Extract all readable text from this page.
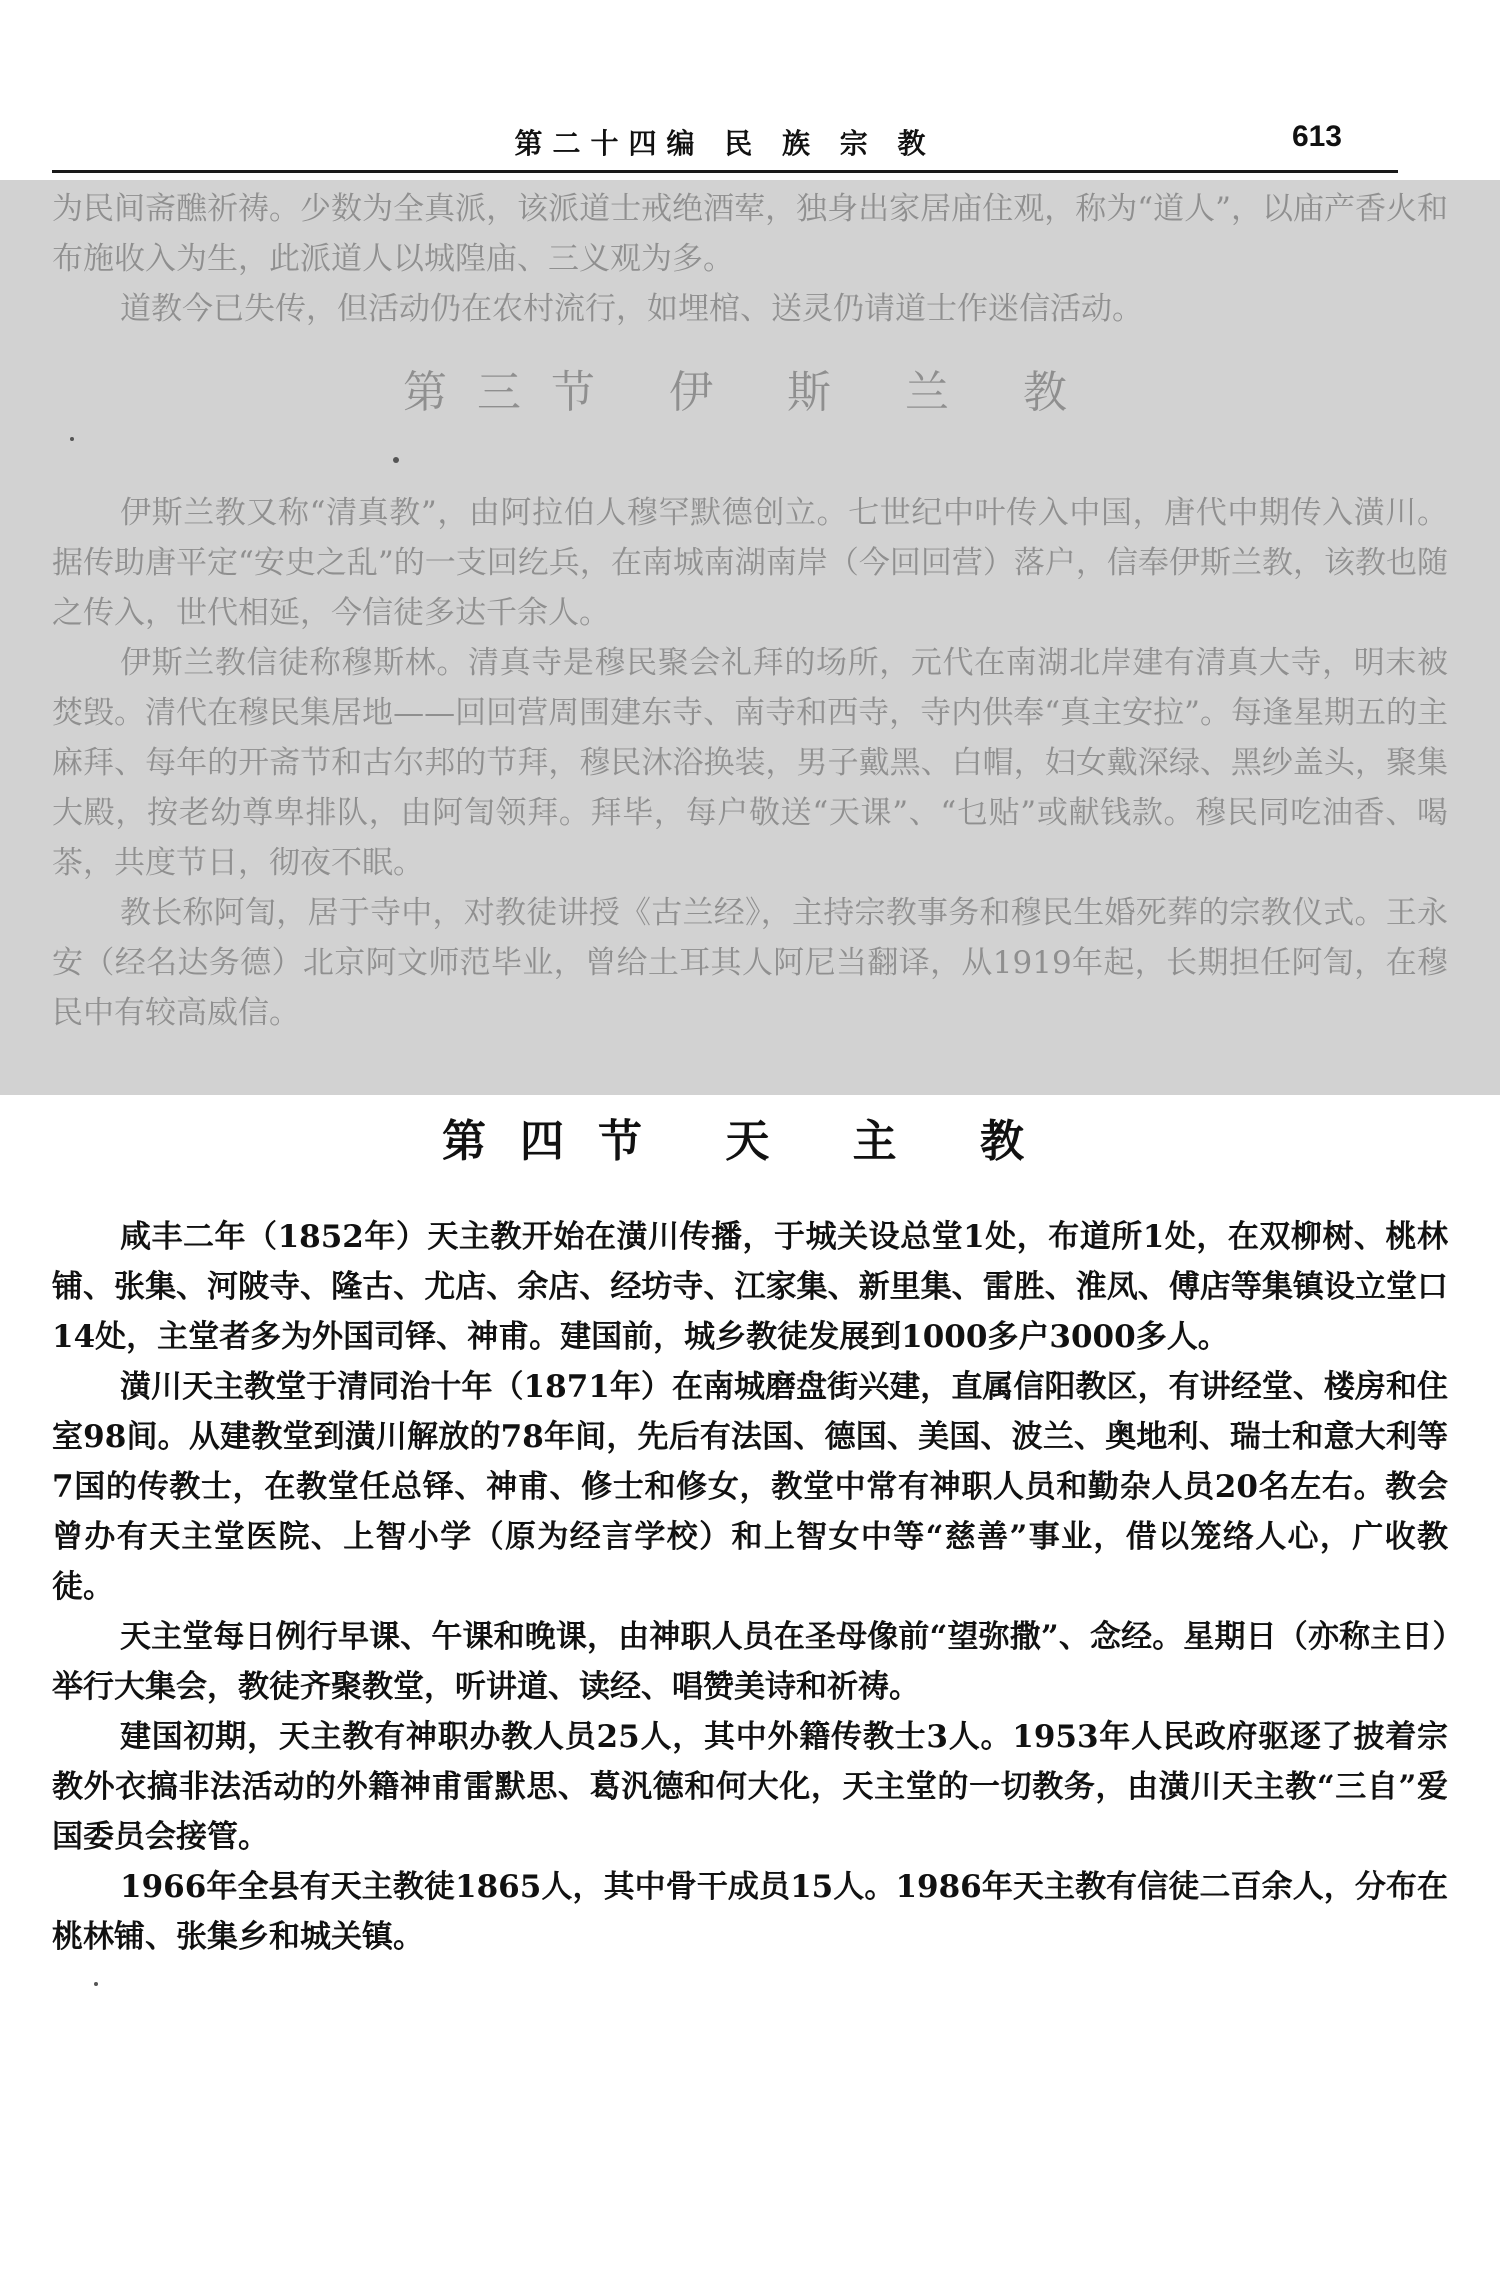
第二十四编 民 族 宗 教	613

为民间斋醮祈祷。少数为全真派，该派道士戒绝酒荤，独身出家居庙住观，称为“道人”，以庙产香火和布施收入为生，此派道人以城隍庙、三义观为多。

道教今已失传，但活动仍在农村流行，如埋棺、送灵仍请道士作迷信活动。

第三节 伊 斯 兰 教

伊斯兰教又称“清真教”，由阿拉伯人穆罕默德创立。七世纪中叶传入中国，唐代中期传入潢川。据传助唐平定“安史之乱”的一支回纥兵，在南城南湖南岸（今回回营）落户，信奉伊斯兰教，该教也随之传入，世代相延，今信徒多达千余人。

伊斯兰教信徒称穆斯林。清真寺是穆民聚会礼拜的场所，元代在南湖北岸建有清真大寺，明末被焚毁。清代在穆民集居地——回回营周围建东寺、南寺和西寺，寺内供奉“真主安拉”。每逢星期五的主麻拜、每年的开斋节和古尔邦的节拜，穆民沐浴换装，男子戴黑、白帽，妇女戴深绿、黑纱盖头，聚集大殿，按老幼尊卑排队，由阿訇领拜。拜毕，每户敬送“天课”、“乜贴”或献钱款。穆民同吃油香、喝茶，共度节日，彻夜不眠。

教长称阿訇，居于寺中，对教徒讲授《古兰经》，主持宗教事务和穆民生婚死葬的宗教仪式。王永安（经名达务德）北京阿文师范毕业，曾给土耳其人阿尼当翻译，从1919年起，长期担任阿訇，在穆民中有较高威信。

第四节 天 主 教

咸丰二年（1852年）天主教开始在潢川传播，于城关设总堂1处，布道所1处，在双柳树、桃林铺、张集、河陂寺、隆古、尤店、余店、经坊寺、江家集、新里集、雷胜、淮凤、傅店等集镇设立堂口14处，主堂者多为外国司铎、神甫。建国前，城乡教徒发展到1000多户3000多人。

潢川天主教堂于清同治十年（1871年）在南城磨盘街兴建，直属信阳教区，有讲经堂、楼房和住室98间。从建教堂到潢川解放的78年间，先后有法国、德国、美国、波兰、奥地利、瑞士和意大利等7国的传教士，在教堂任总铎、神甫、修士和修女，教堂中常有神职人员和勤杂人员20名左右。教会曾办有天主堂医院、上智小学（原为经言学校）和上智女中等“慈善”事业，借以笼络人心，广收教徒。

天主堂每日例行早课、午课和晚课，由神职人员在圣母像前“望弥撒”、念经。星期日（亦称主日）举行大集会，教徒齐聚教堂，听讲道、读经、唱赞美诗和祈祷。

建国初期，天主教有神职办教人员25人，其中外籍传教士3人。1953年人民政府驱逐了披着宗教外衣搞非法活动的外籍神甫雷默思、葛汎德和何大化，天主堂的一切教务，由潢川天主教“三自”爱国委员会接管。

1966年全县有天主教徒1865人，其中骨干成员15人。1986年天主教有信徒二百余人，分布在桃林铺、张集乡和城关镇。
